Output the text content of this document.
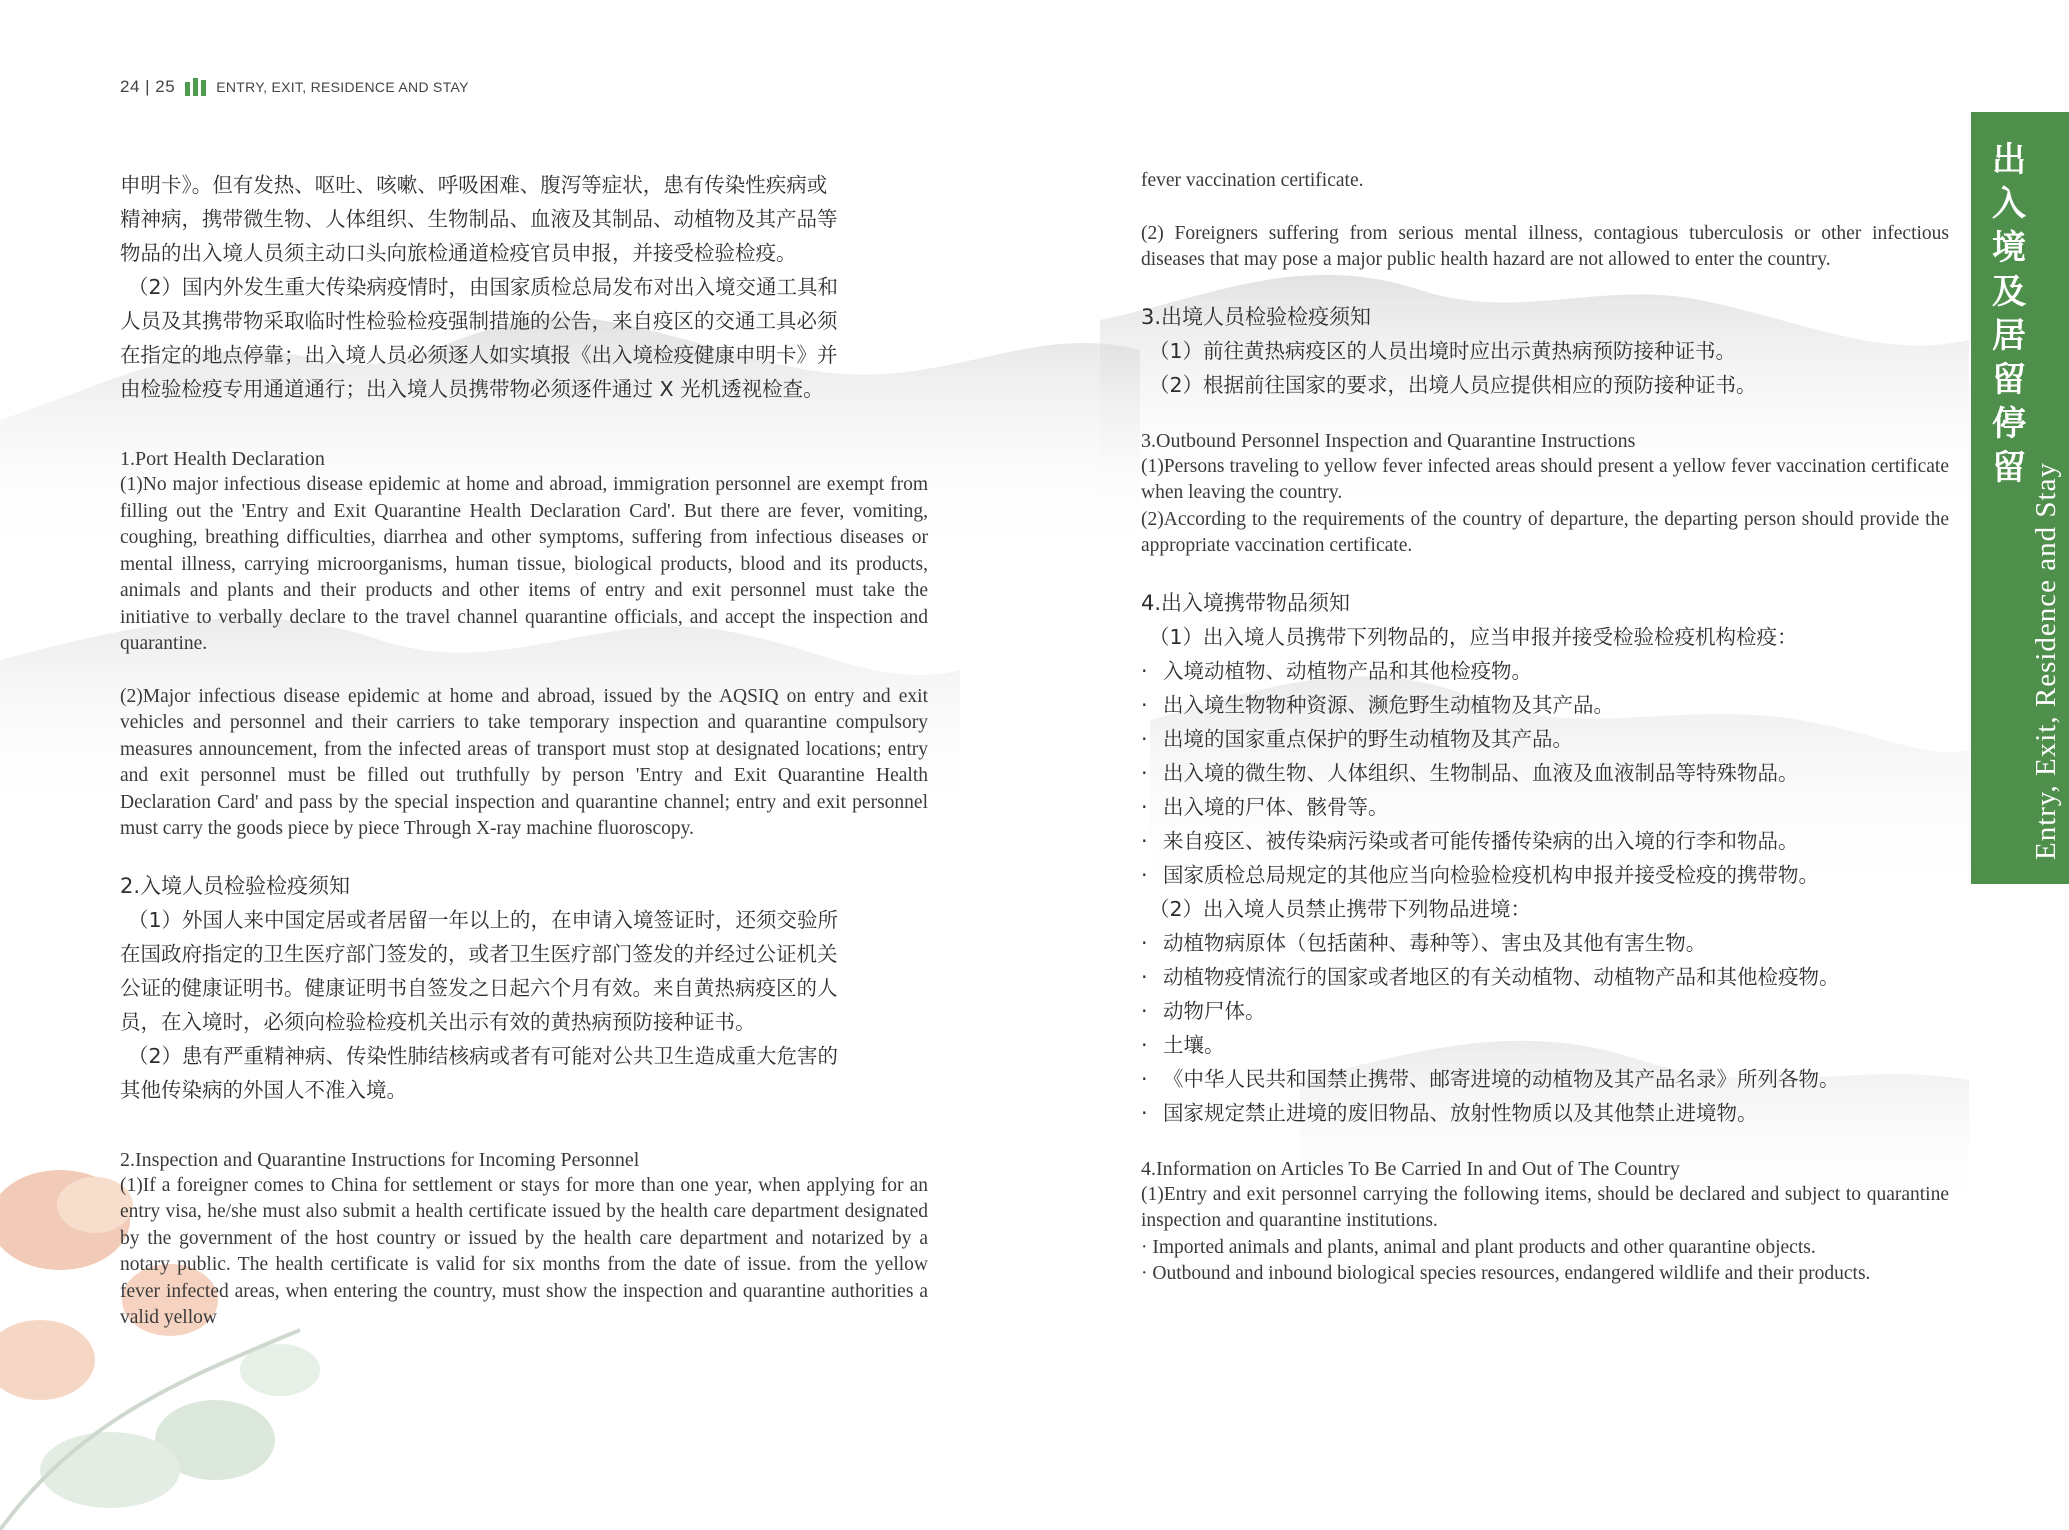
24 | 25	ENTRY, EXIT, RESIDENCE AND STAY

申明卡》。但有发热、呕吐、咳嗽、呼吸困难、腹泻等症状，患有传染性疾病或

精神病，携带微生物、人体组织、生物制品、血液及其制品、动植物及其产品等

物品的出入境人员须主动口头向旅检通道检疫官员申报，并接受检验检疫。

（2）国内外发生重大传染病疫情时，由国家质检总局发布对出入境交通工具和

人员及其携带物采取临时性检验检疫强制措施的公告，来自疫区的交通工具必须

在指定的地点停靠；出入境人员必须逐人如实填报《出入境检疫健康申明卡》并

由检验检疫专用通道通行；出入境人员携带物必须逐件通过 X 光机透视检查。

1.Port Health Declaration

(1)No major infectious disease epidemic at home and abroad, immigration personnel are exempt from filling out the 'Entry and Exit Quarantine Health Declaration Card'. But there are fever, vomiting, coughing, breathing difficulties, diarrhea and other symptoms, suffering from infectious diseases or mental illness, carrying microorganisms, human tissue, biological products, blood and its products, animals and plants and their products and other items of entry and exit personnel must take the initiative to verbally declare to the travel channel quarantine officials, and accept the inspection and quarantine.

(2)Major infectious disease epidemic at home and abroad, issued by the AQSIQ on entry and exit vehicles and personnel and their carriers to take temporary inspection and quarantine compulsory measures announcement, from the infected areas of transport must stop at designated locations; entry and exit personnel must be filled out truthfully by person 'Entry and Exit Quarantine Health Declaration Card' and pass by the special inspection and quarantine channel; entry and exit personnel must carry the goods piece by piece Through X-ray machine fluoroscopy.

2.入境人员检验检疫须知

（1）外国人来中国定居或者居留一年以上的，在申请入境签证时，还须交验所

在国政府指定的卫生医疗部门签发的，或者卫生医疗部门签发的并经过公证机关

公证的健康证明书。健康证明书自签发之日起六个月有效。来自黄热病疫区的人

员，在入境时，必须向检验检疫机关出示有效的黄热病预防接种证书。

（2）患有严重精神病、传染性肺结核病或者有可能对公共卫生造成重大危害的

其他传染病的外国人不准入境。

2.Inspection and Quarantine Instructions for Incoming Personnel

(1)If a foreigner comes to China for settlement or stays for more than one year, when applying for an entry visa, he/she must also submit a health certificate issued by the health care department designated by the government of the host country or issued by the health care department and notarized by a notary public. The health certificate is valid for six months from the date of issue. from the yellow fever infected areas, when entering the country, must show the inspection and quarantine authorities a valid yellow

fever vaccination certificate.

(2) Foreigners suffering from serious mental illness, contagious tuberculosis or other infectious diseases that may pose a major public health hazard are not allowed to enter the country.

3.出境人员检验检疫须知

（1）前往黄热病疫区的人员出境时应出示黄热病预防接种证书。

（2）根据前往国家的要求，出境人员应提供相应的预防接种证书。

3.Outbound Personnel Inspection and Quarantine Instructions

(1)Persons traveling to yellow fever infected areas should present a yellow fever vaccination certificate when leaving the country.

(2)According to the requirements of the country of departure, the departing person should provide the appropriate vaccination certificate.

4.出入境携带物品须知

（1）出入境人员携带下列物品的，应当申报并接受检验检疫机构检疫：

· 入境动植物、动植物产品和其他检疫物。
· 出入境生物物种资源、濒危野生动植物及其产品。
· 出境的国家重点保护的野生动植物及其产品。
· 出入境的微生物、人体组织、生物制品、血液及血液制品等特殊物品。
· 出入境的尸体、骸骨等。
· 来自疫区、被传染病污染或者可能传播传染病的出入境的行李和物品。
· 国家质检总局规定的其他应当向检验检疫机构申报并接受检疫的携带物。

（2）出入境人员禁止携带下列物品进境：

· 动植物病原体（包括菌种、毒种等）、害虫及其他有害生物。
· 动植物疫情流行的国家或者地区的有关动植物、动植物产品和其他检疫物。
· 动物尸体。
· 土壤。
· 《中华人民共和国禁止携带、邮寄进境的动植物及其产品名录》所列各物。
· 国家规定禁止进境的废旧物品、放射性物质以及其他禁止进境物。

4.Information on Articles To Be Carried In and Out of The Country

(1)Entry and exit personnel carrying the following items, should be declared and subject to quarantine inspection and quarantine institutions.

· Imported animals and plants, animal and plant products and other quarantine objects.

· Outbound and inbound biological species resources, endangered wildlife and their products.

出入境及居留停留 Entry, Exit, Residence and Stay
